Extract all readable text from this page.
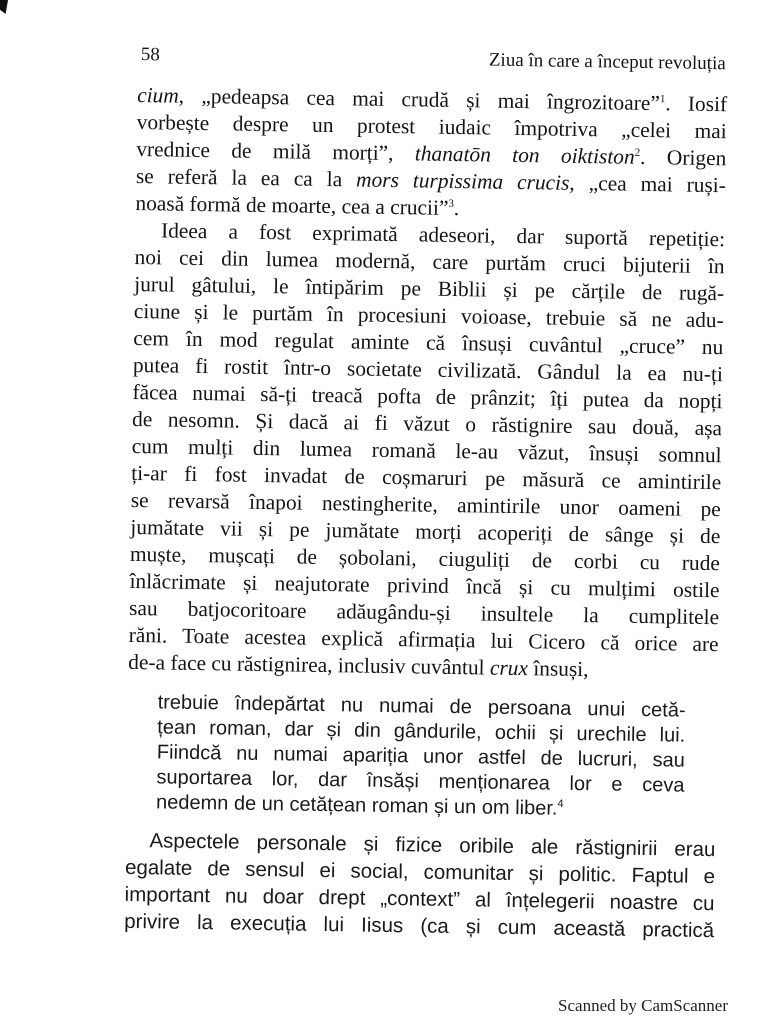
58	Ziua în care a început revoluția

cium, „pedeapsa cea mai crudă și mai îngrozitoare”$^1$. Iosif
vorbește despre un protest iudaic împotriva „celei mai
vrednice de milă morți”, thanatōn ton oiktiston$^2$. Origen
se referă la ea ca la mors turpissima crucis, „cea mai ruși-
noasă formă de moarte, cea a crucii”$^3$.

Ideea a fost exprimată adeseori, dar suportă repetiție:
noi cei din lumea modernă, care purtăm cruci bijuterii în
jurul gâtului, le întipărim pe Biblii și pe cărțile de rugă-
ciune și le purtăm în procesiuni voioase, trebuie să ne adu-
cem în mod regulat aminte că însuși cuvântul „cruce” nu
putea fi rostit într-o societate civilizată. Gândul la ea nu-ți
făcea numai să-ți treacă pofta de prânzit; îți putea da nopți
de nesomn. Și dacă ai fi văzut o răstignire sau două, așa
cum mulți din lumea romană le-au văzut, însuși somnul
ți-ar fi fost invadat de coșmaruri pe măsură ce amintirile
se revarsă înapoi nestingherite, amintirile unor oameni pe
jumătate vii și pe jumătate morți acoperiți de sânge și de
muște, mușcați de șobolani, ciuguliți de corbi cu rude
înlăcrimate și neajutorate privind încă și cu mulțimi ostile
sau batjocoritoare adăugându-și insultele la cumplitele
răni. Toate acestea explică afirmația lui Cicero că orice are
de-a face cu răstignirea, inclusiv cuvântul crux însuși,

trebuie îndepărtat nu numai de persoana unui cetă-
țean roman, dar și din gândurile, ochii și urechile lui.
Fiindcă nu numai apariția unor astfel de lucruri, sau
suportarea lor, dar însăși menționarea lor e ceva
nedemn de un cetățean roman și un om liber.$^4$
Aspectele personale și fizice oribile ale răstignirii erau
egalate de sensul ei social, comunitar și politic. Faptul e
important nu doar drept „context” al înțelegerii noastre cu
privire la execuția lui Iisus (ca și cum această practică
Scanned by CamScanner
